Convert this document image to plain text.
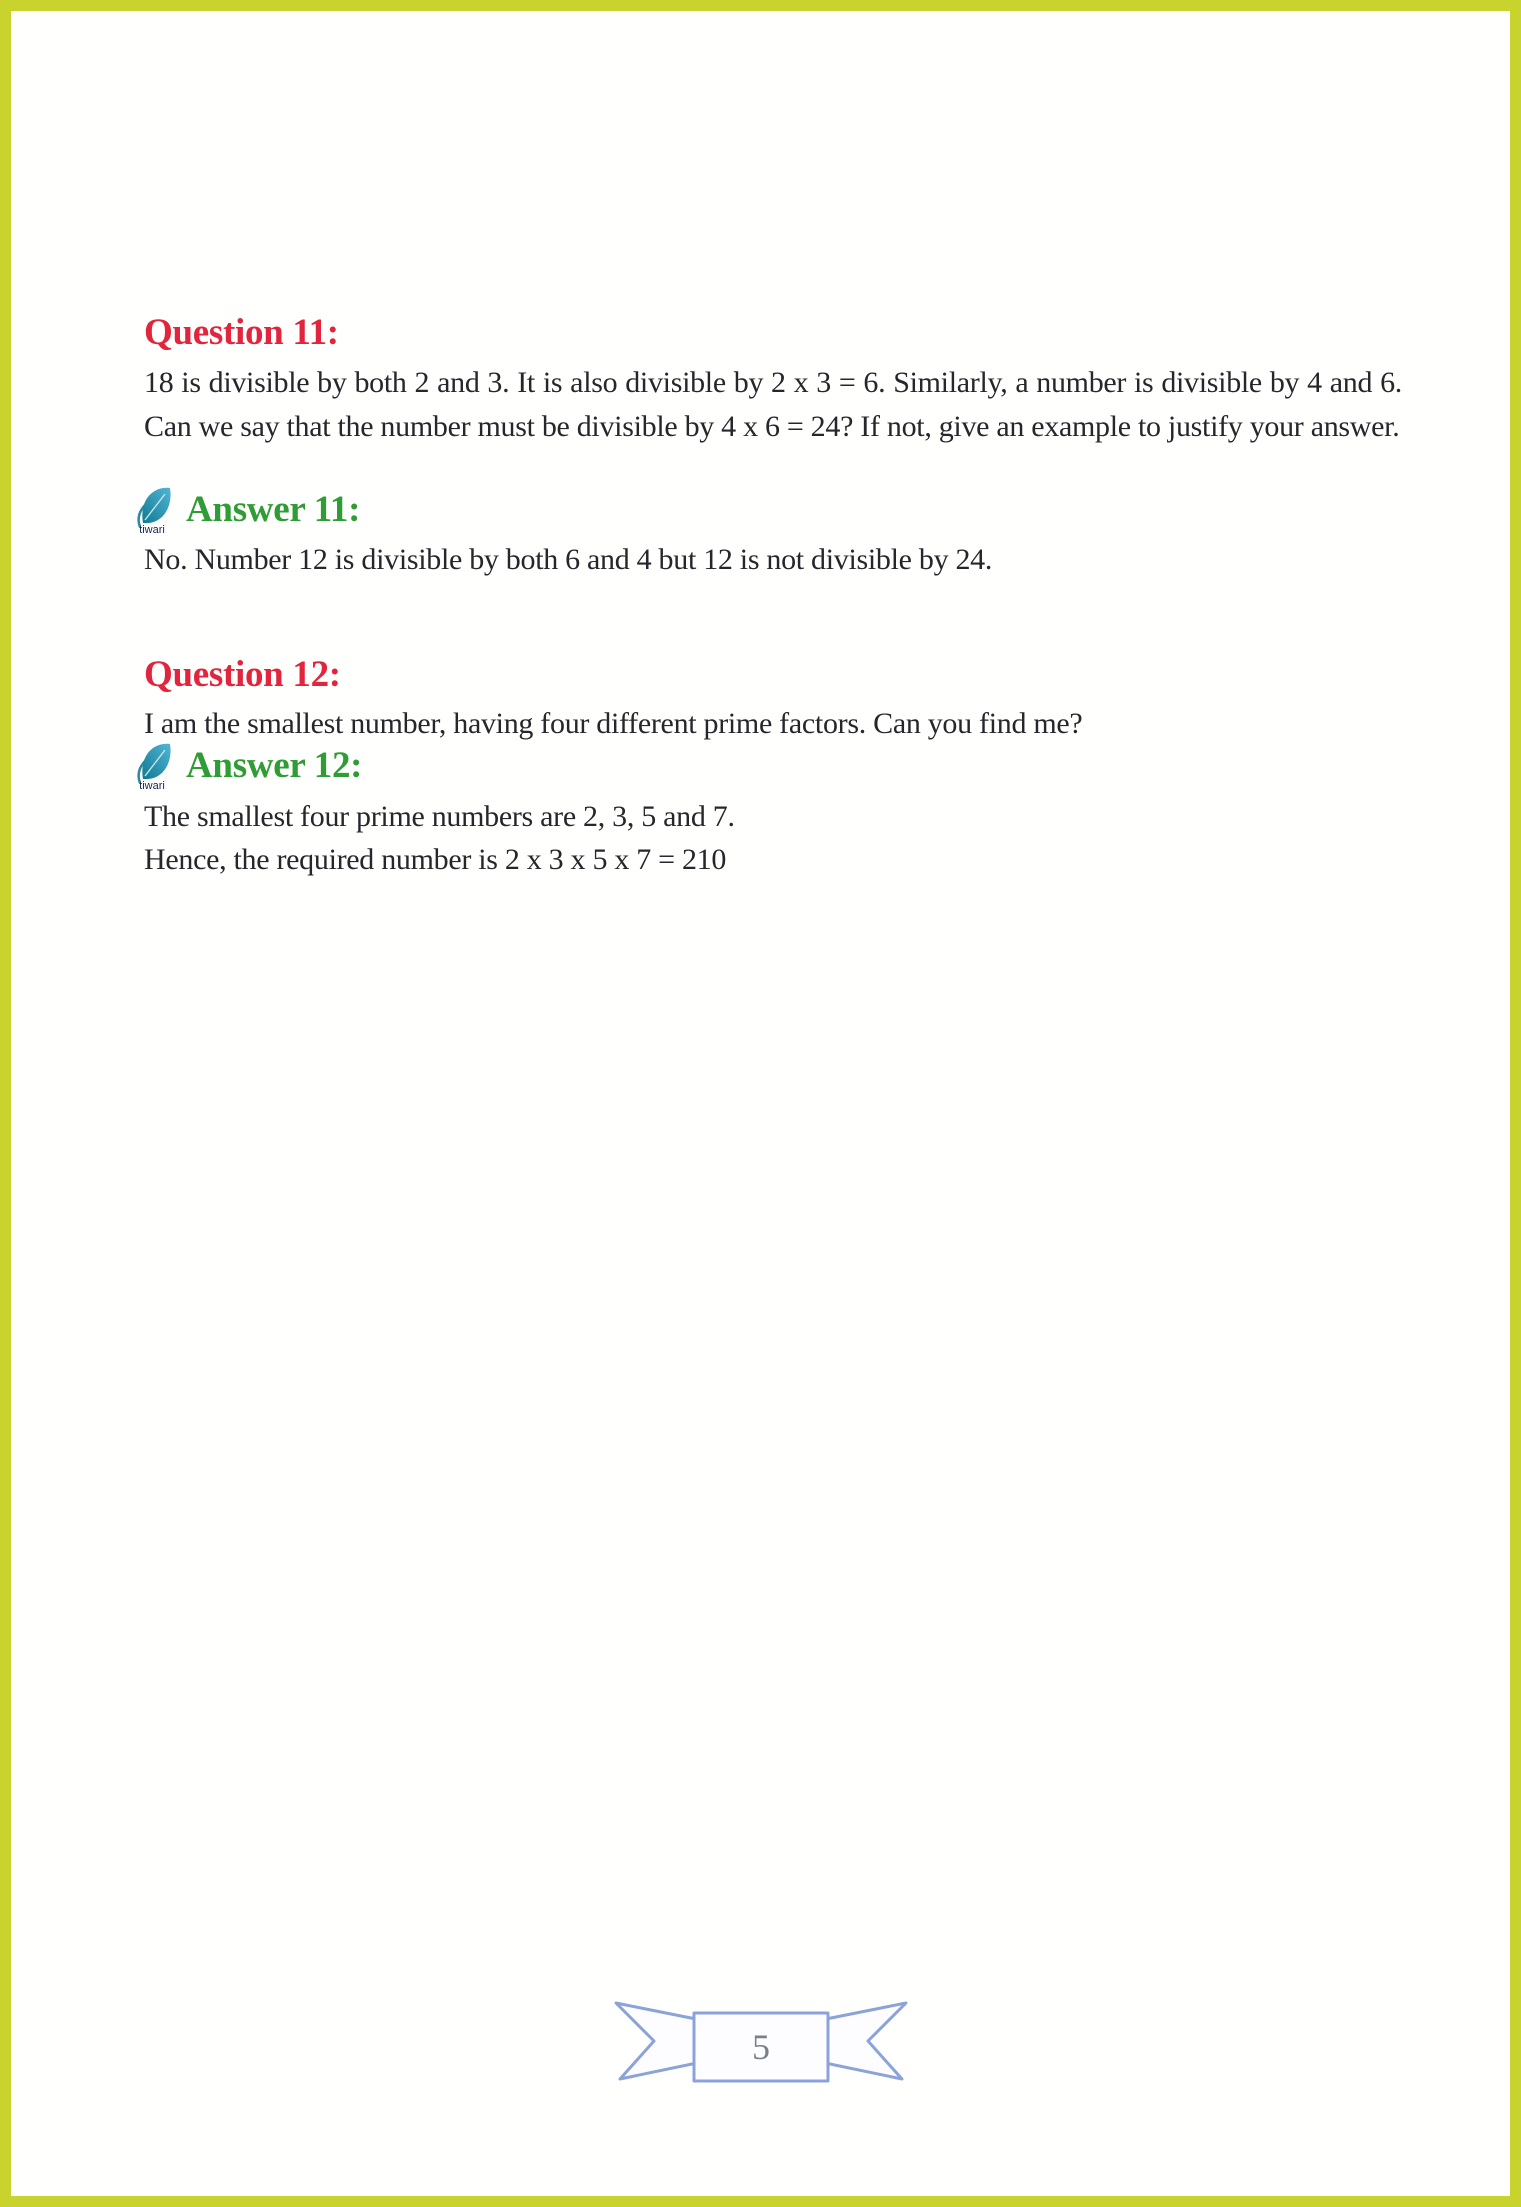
Question 11:
18 is divisible by both 2 and 3. It is also divisible by 2 x 3 = 6. Similarly, a number is divisible by 4 and 6. Can we say that the number must be divisible by 4 x 6 = 24? If not, give an example to justify your answer.
tiwari
Answer 11:
No. Number 12 is divisible by both 6 and 4 but 12 is not divisible by 24.
Question 12:
I am the smallest number, having four different prime factors. Can you find me?
tiwari
Answer 12:
The smallest four prime numbers are 2, 3, 5 and 7.
Hence, the required number is 2 x 3 x 5 x 7 = 210
5
